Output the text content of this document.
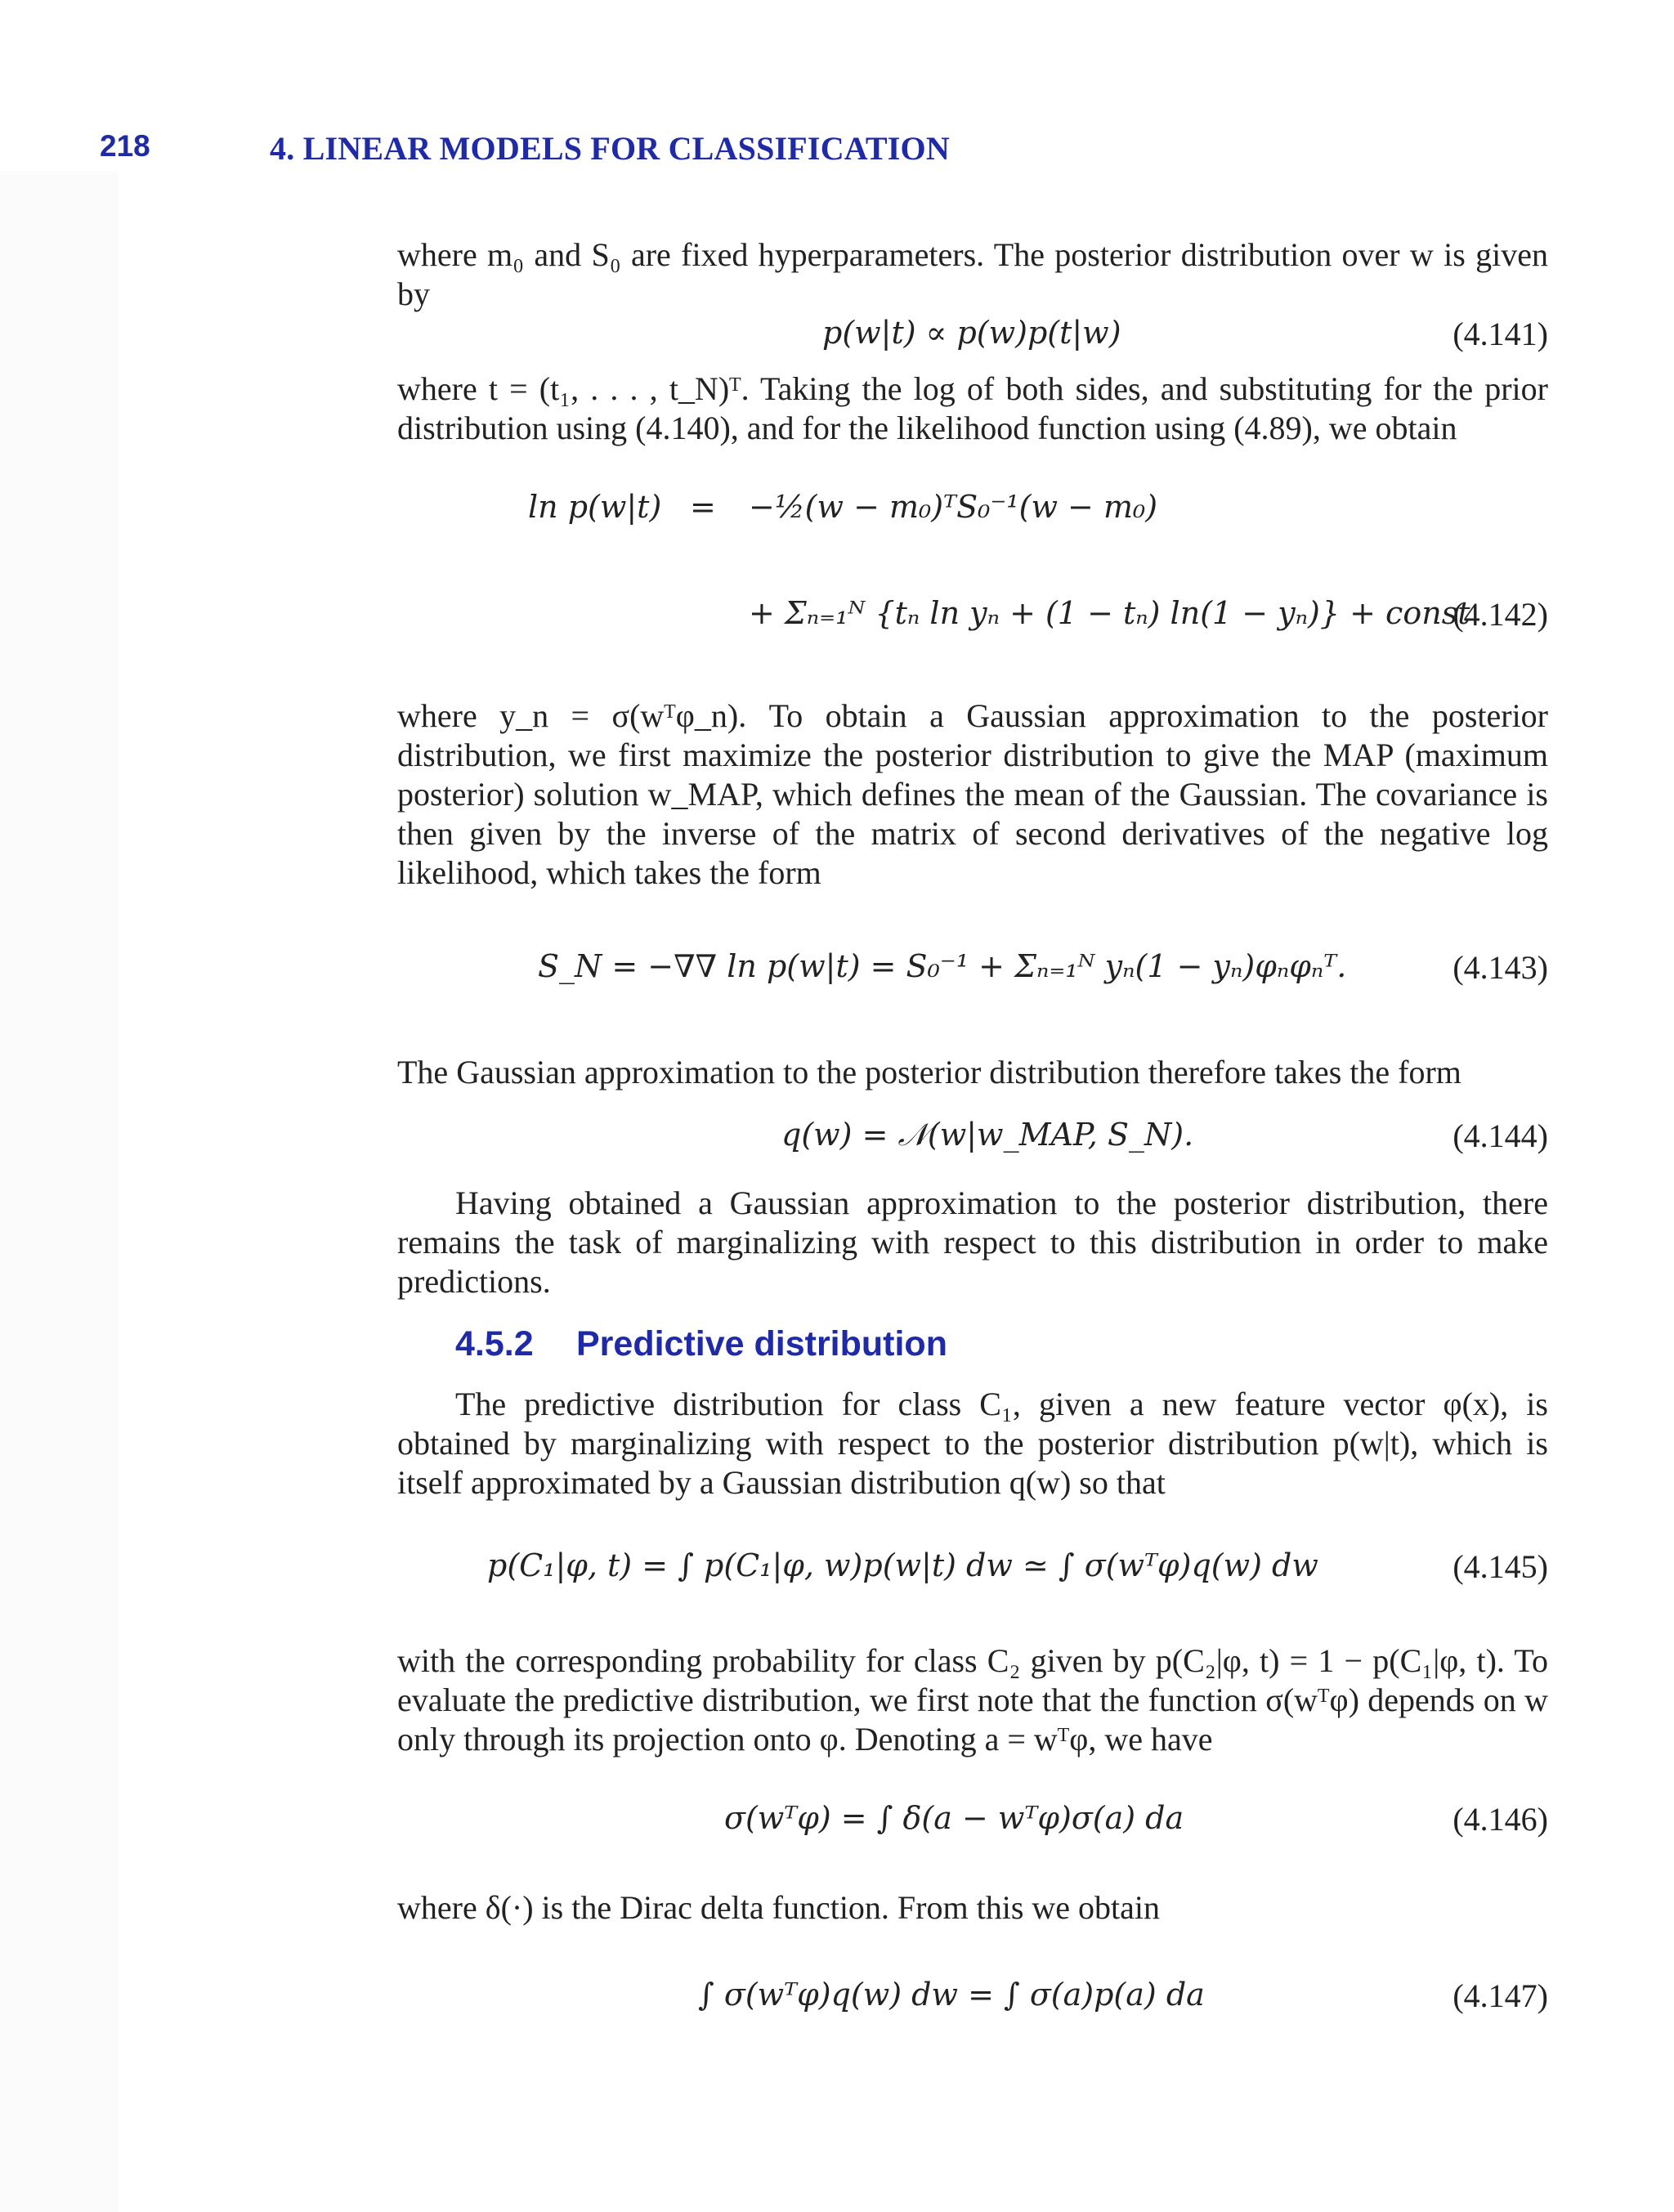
218	4. LINEAR MODELS FOR CLASSIFICATION
where m₀ and S₀ are fixed hyperparameters. The posterior distribution over w is given by
p(w|t) ∝ p(w)p(t|w)	(4.141)
where t = (t₁, . . . , t_N)ᵀ. Taking the log of both sides, and substituting for the prior distribution using (4.140), and for the likelihood function using (4.89), we obtain
ln p(w|t) = −½(w − m₀)ᵀS₀⁻¹(w − m₀)
+ Σₙ₌₁ᴺ {tₙ ln yₙ + (1 − tₙ) ln(1 − yₙ)} + const
(4.142)
where y_n = σ(wᵀφ_n). To obtain a Gaussian approximation to the posterior distribution, we first maximize the posterior distribution to give the MAP (maximum posterior) solution w_MAP, which defines the mean of the Gaussian. The covariance is then given by the inverse of the matrix of second derivatives of the negative log likelihood, which takes the form
S_N = −∇∇ ln p(w|t) = S₀⁻¹ + Σₙ₌₁ᴺ yₙ(1 − yₙ)φₙφₙᵀ.	(4.143)
The Gaussian approximation to the posterior distribution therefore takes the form
q(w) = 𝒩(w|w_MAP, S_N).	(4.144)
Having obtained a Gaussian approximation to the posterior distribution, there remains the task of marginalizing with respect to this distribution in order to make predictions.
4.5.2 Predictive distribution
The predictive distribution for class C₁, given a new feature vector φ(x), is obtained by marginalizing with respect to the posterior distribution p(w|t), which is itself approximated by a Gaussian distribution q(w) so that
p(C₁|φ, t) = ∫ p(C₁|φ, w)p(w|t) dw ≃ ∫ σ(wᵀφ)q(w) dw	(4.145)
with the corresponding probability for class C₂ given by p(C₂|φ, t) = 1 − p(C₁|φ, t). To evaluate the predictive distribution, we first note that the function σ(wᵀφ) depends on w only through its projection onto φ. Denoting a = wᵀφ, we have
σ(wᵀφ) = ∫ δ(a − wᵀφ)σ(a) da	(4.146)
where δ(·) is the Dirac delta function. From this we obtain
∫ σ(wᵀφ)q(w) dw = ∫ σ(a)p(a) da	(4.147)
